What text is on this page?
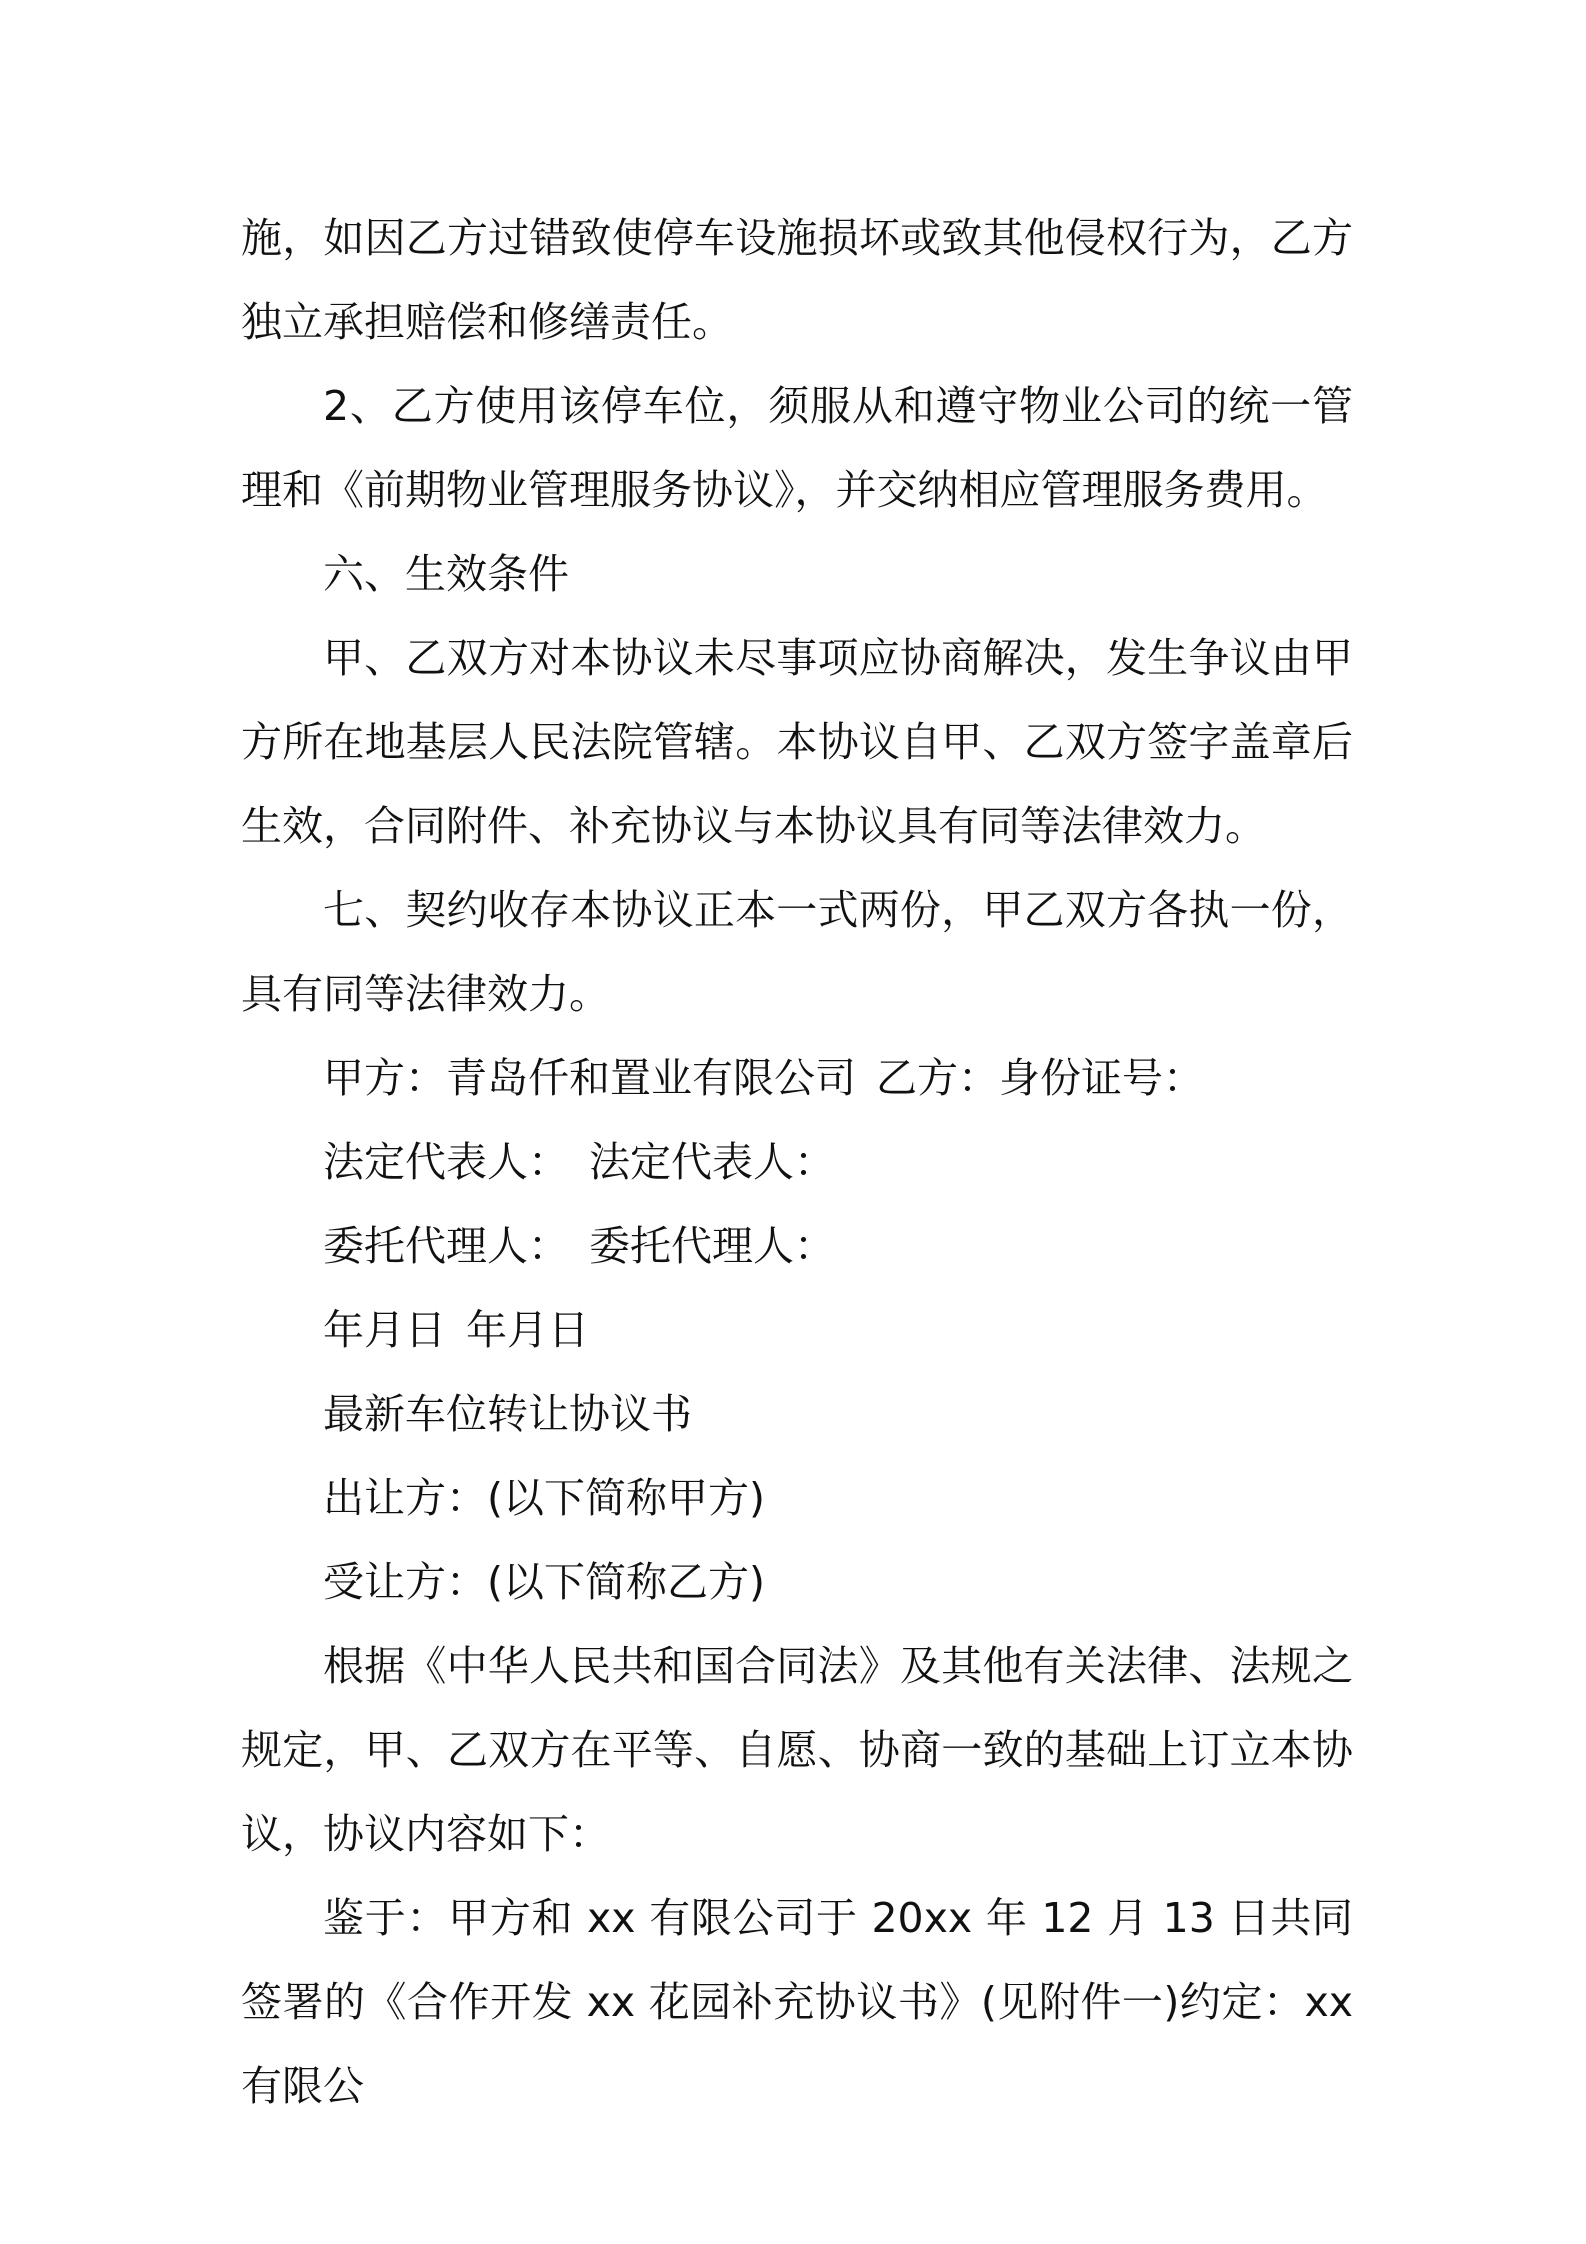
施，如因乙方过错致使停车设施损坏或致其他侵权行为，乙方独立承担赔偿和修缮责任。

2、乙方使用该停车位，须服从和遵守物业公司的统一管理和《前期物业管理服务协议》，并交纳相应管理服务费用。

六、生效条件

甲、乙双方对本协议未尽事项应协商解决，发生争议由甲方所在地基层人民法院管辖。本协议自甲、乙双方签字盖章后生效，合同附件、补充协议与本协议具有同等法律效力。

七、契约收存本协议正本一式两份，甲乙双方各执一份，具有同等法律效力。

甲方：青岛仟和置业有限公司 乙方：身份证号：

法定代表人： 法定代表人：

委托代理人： 委托代理人：

年月日 年月日

最新车位转让协议书

出让方：(以下简称甲方)

受让方：(以下简称乙方)

根据《中华人民共和国合同法》及其他有关法律、法规之规定，甲、乙双方在平等、自愿、协商一致的基础上订立本协议，协议内容如下：

鉴于：甲方和 xx 有限公司于 20xx 年 12 月 13 日共同签署的《合作开发 xx 花园补充协议书》(见附件一)约定：xx 有限公
